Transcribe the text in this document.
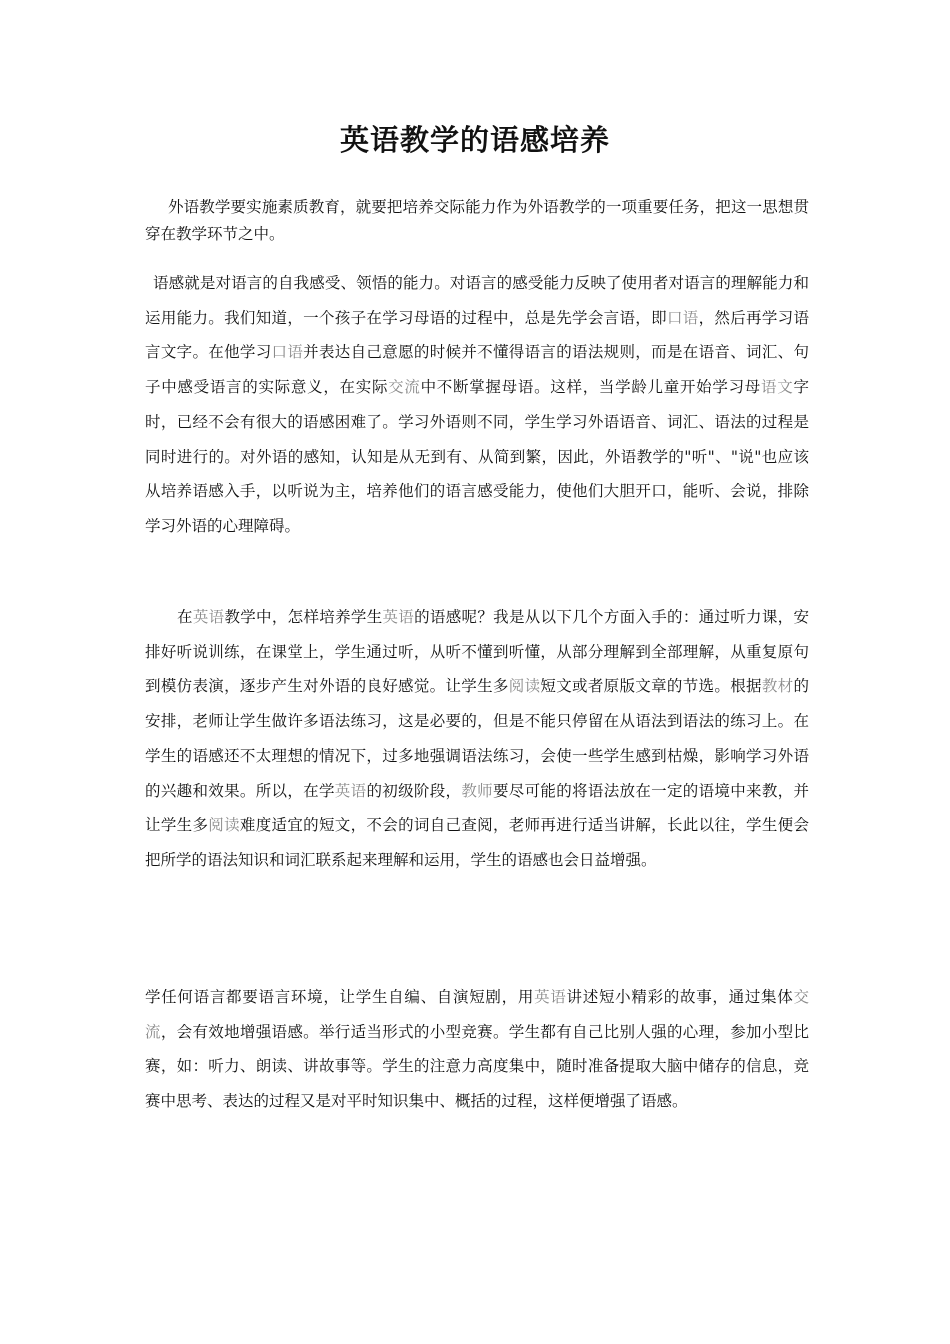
英语教学的语感培养

外语教学要实施素质教育，就要把培养交际能力作为外语教学的一项重要任务，把这一思想贯穿在教学环节之中。

语感就是对语言的自我感受、领悟的能力。对语言的感受能力反映了使用者对语言的理解能力和运用能力。我们知道，一个孩子在学习母语的过程中，总是先学会言语，即口语，然后再学习语言文字。在他学习口语并表达自己意愿的时候并不懂得语言的语法规则，而是在语音、词汇、句子中感受语言的实际意义，在实际交流中不断掌握母语。这样，当学龄儿童开始学习母语文字时，已经不会有很大的语感困难了。学习外语则不同，学生学习外语语音、词汇、语法的过程是同时进行的。对外语的感知，认知是从无到有、从简到繁，因此，外语教学的"听"、"说"也应该从培养语感入手，以听说为主，培养他们的语言感受能力，使他们大胆开口，能听、会说，排除学习外语的心理障碍。

在英语教学中，怎样培养学生英语的语感呢？我是从以下几个方面入手的：通过听力课，安排好听说训练，在课堂上，学生通过听，从听不懂到听懂，从部分理解到全部理解，从重复原句到模仿表演，逐步产生对外语的良好感觉。让学生多阅读短文或者原版文章的节选。根据教材的安排，老师让学生做许多语法练习，这是必要的，但是不能只停留在从语法到语法的练习上。在学生的语感还不太理想的情况下，过多地强调语法练习，会使一些学生感到枯燥，影响学习外语的兴趣和效果。所以，在学英语的初级阶段，教师要尽可能的将语法放在一定的语境中来教，并让学生多阅读难度适宜的短文，不会的词自己查阅，老师再进行适当讲解，长此以往，学生便会把所学的语法知识和词汇联系起来理解和运用，学生的语感也会日益增强。

学任何语言都要语言环境，让学生自编、自演短剧，用英语讲述短小精彩的故事，通过集体交流，会有效地增强语感。举行适当形式的小型竞赛。学生都有自己比别人强的心理，参加小型比赛，如：听力、朗读、讲故事等。学生的注意力高度集中，随时准备提取大脑中储存的信息，竞赛中思考、表达的过程又是对平时知识集中、概括的过程，这样便增强了语感。
